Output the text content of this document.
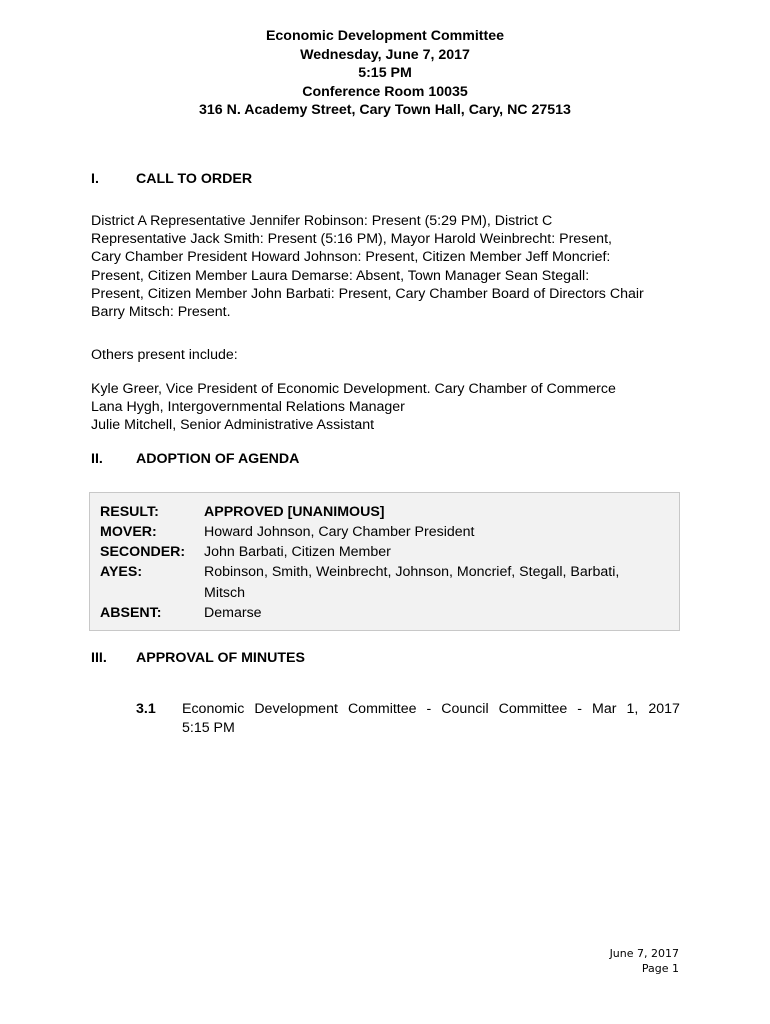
Economic Development Committee
Wednesday, June 7, 2017
5:15 PM
Conference Room 10035
316 N. Academy Street, Cary Town Hall, Cary, NC 27513
I.	CALL TO ORDER
District A Representative Jennifer Robinson: Present (5:29 PM), District C
Representative Jack Smith: Present (5:16 PM), Mayor Harold Weinbrecht: Present,
Cary Chamber President Howard Johnson: Present, Citizen Member Jeff Moncrief:
Present, Citizen Member Laura Demarse: Absent, Town Manager Sean Stegall:
Present, Citizen Member John Barbati: Present, Cary Chamber Board of Directors Chair
Barry Mitsch: Present.
Others present include:
Kyle Greer, Vice President of Economic Development. Cary Chamber of Commerce
Lana Hygh, Intergovernmental Relations Manager
Julie Mitchell, Senior Administrative Assistant
II. ADOPTION OF AGENDA
RESULT:	APPROVED [UNANIMOUS]
MOVER:	Howard Johnson, Cary Chamber President
SECONDER: John Barbati, Citizen Member
AYES:	Robinson, Smith, Weinbrecht, Johnson, Moncrief, Stegall, Barbati,
Mitsch
ABSENT:	Demarse
III. APPROVAL OF MINUTES
3.1 Economic Development Committee - Council Committee - Mar 1, 2017
5:15 PM
June 7, 2017
Page 1
